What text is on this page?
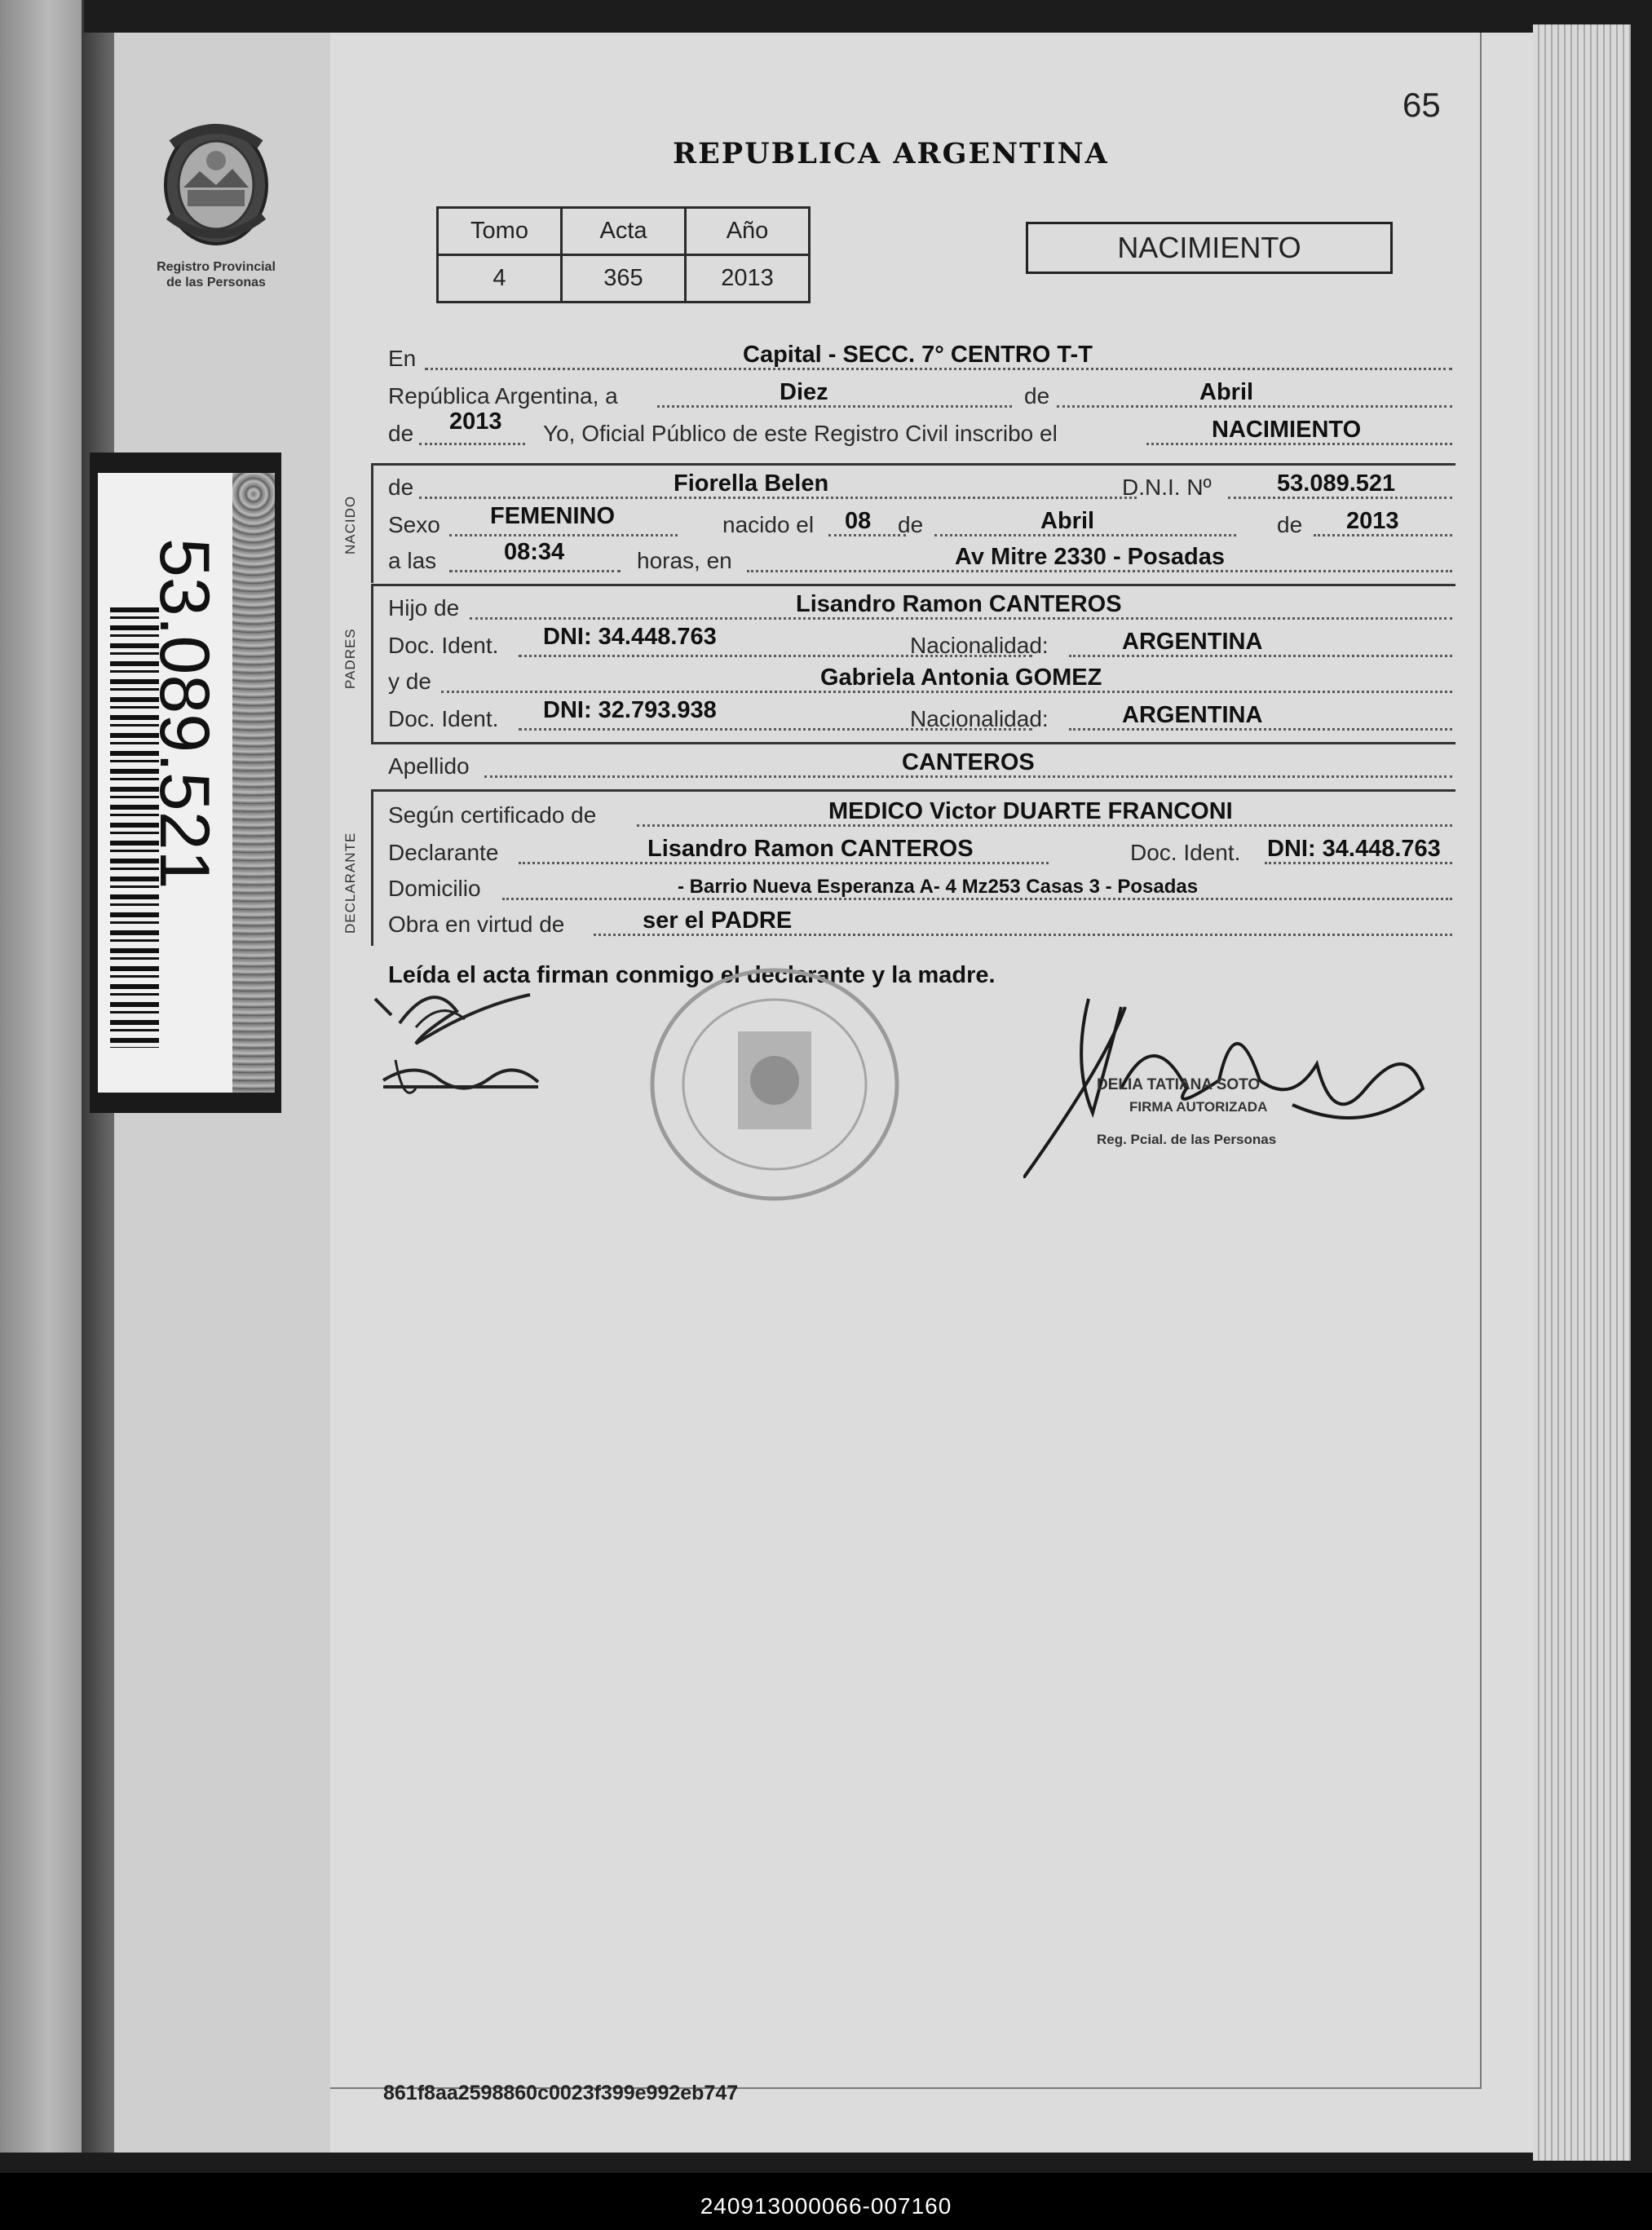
Registro Provincial
de las Personas
53.089.521
65
REPUBLICA ARGENTINA
Tomo	Acta	Año
4	365	2013
NACIMIENTO
En	Capital - SECC. 7° CENTRO T-T
República Argentina, a	Diez	de	Abril
de 2013 Yo, Oficial Público de este Registro Civil inscribo el	NACIMIENTO
NACIDO
de	Fiorella Belen	D.N.I. Nº	53.089.521
Sexo FEMENINO	nacido el 08 de	Abril	de 2013
a las	08:34	horas, en	Av Mitre 2330 - Posadas
PADRES
Hijo de	Lisandro Ramon CANTEROS
Doc. Ident. DNI: 34.448.763	Nacionalidad:	ARGENTINA
y de	Gabriela Antonia GOMEZ
Doc. Ident. DNI: 32.793.938	Nacionalidad:	ARGENTINA
Apellido	CANTEROS
DECLARANTE
Según certificado de	MEDICO Victor DUARTE FRANCONI
Declarante	Lisandro Ramon CANTEROS	Doc. Ident. DNI: 34.448.763
Domicilio	- Barrio Nueva Esperanza A- 4 Mz253 Casas 3 - Posadas
Obra en virtud de	ser el PADRE
Leída el acta firman conmigo el declarante y la madre.
DELIA TATIANA SOTO
FIRMA AUTORIZADA
Reg. Pcial. de las Personas
861f8aa2598860c0023f399e992eb747
240913000066-007160
